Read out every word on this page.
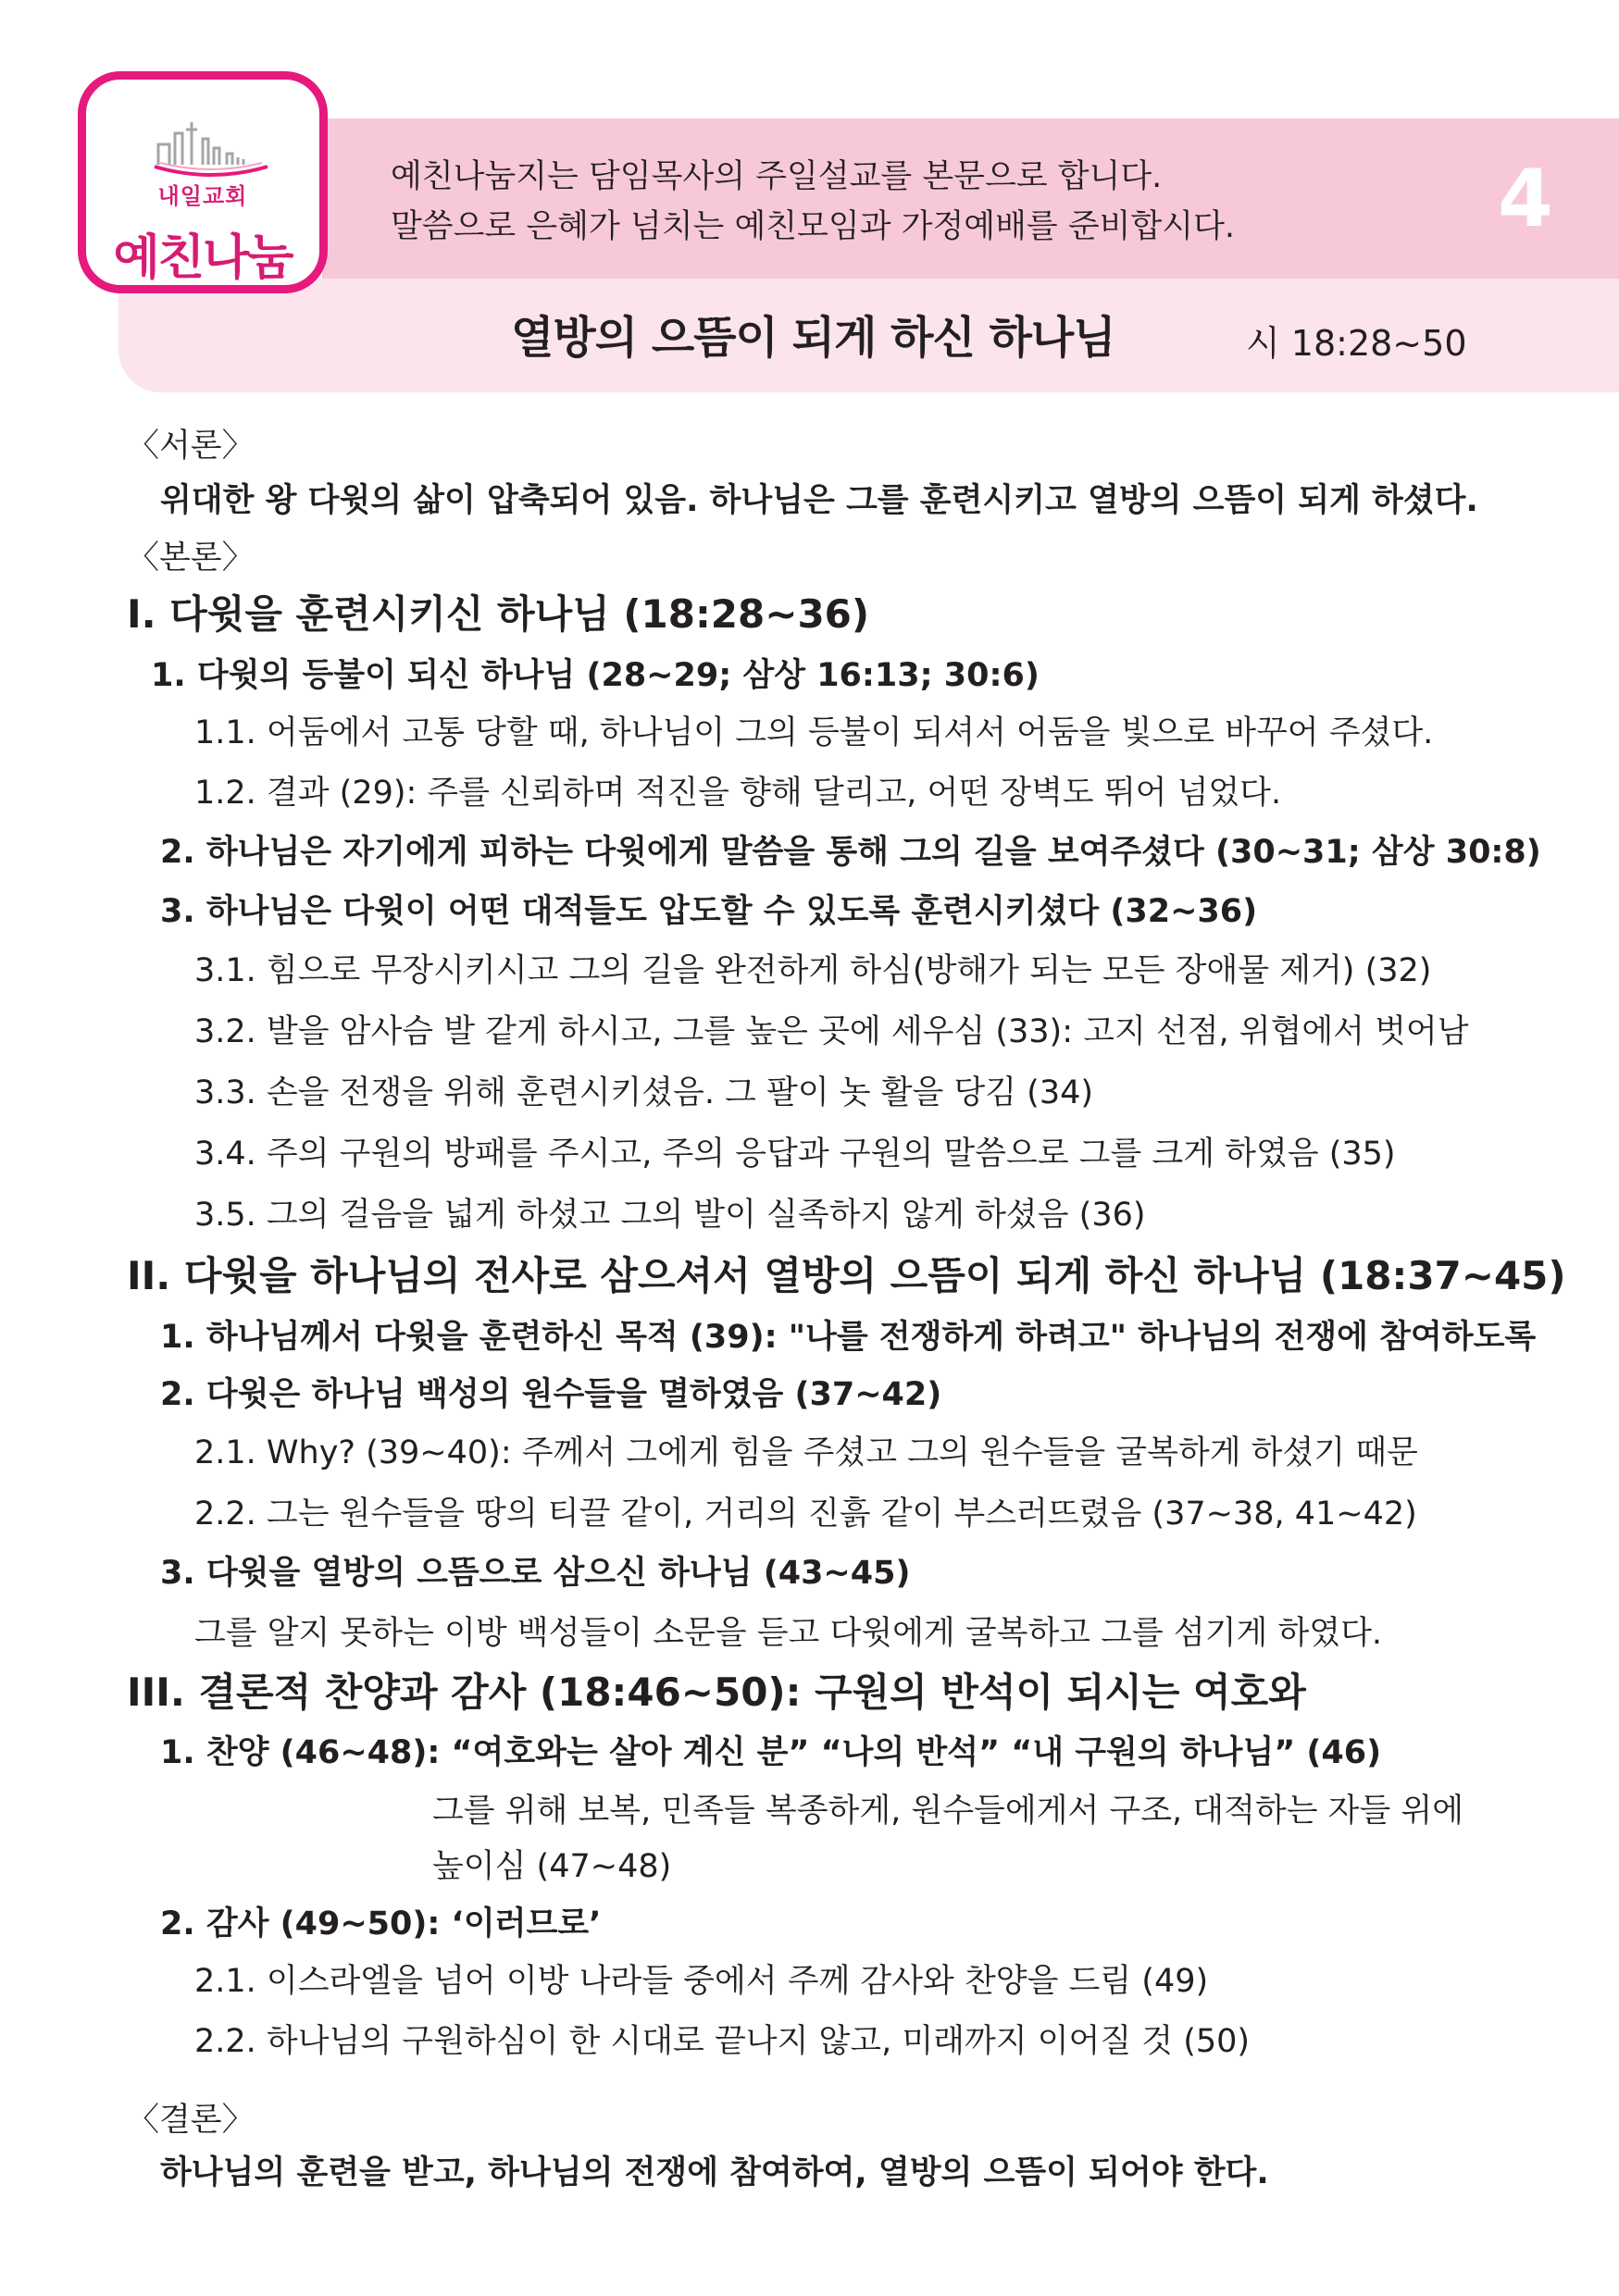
내일교회
예친나눔
예친나눔지는 담임목사의 주일설교를 본문으로 합니다.
말씀으로 은혜가 넘치는 예친모임과 가정예배를 준비합시다.	4
열방의 으뜸이 되게 하신 하나님	시 18:28~50
〈서론〉
위대한 왕 다윗의 삶이 압축되어 있음. 하나님은 그를 훈련시키고 열방의 으뜸이 되게 하셨다.
〈본론〉
I. 다윗을 훈련시키신 하나님 (18:28~36)
1. 다윗의 등불이 되신 하나님 (28~29; 삼상 16:13; 30:6)
1.1. 어둠에서 고통 당할 때, 하나님이 그의 등불이 되셔서 어둠을 빛으로 바꾸어 주셨다.
1.2. 결과 (29): 주를 신뢰하며 적진을 향해 달리고, 어떤 장벽도 뛰어 넘었다.
2. 하나님은 자기에게 피하는 다윗에게 말씀을 통해 그의 길을 보여주셨다 (30~31; 삼상 30:8)
3. 하나님은 다윗이 어떤 대적들도 압도할 수 있도록 훈련시키셨다 (32~36)
3.1. 힘으로 무장시키시고 그의 길을 완전하게 하심(방해가 되는 모든 장애물 제거) (32)
3.2. 발을 암사슴 발 같게 하시고, 그를 높은 곳에 세우심 (33): 고지 선점, 위협에서 벗어남
3.3. 손을 전쟁을 위해 훈련시키셨음. 그 팔이 놋 활을 당김 (34)
3.4. 주의 구원의 방패를 주시고, 주의 응답과 구원의 말씀으로 그를 크게 하였음 (35)
3.5. 그의 걸음을 넓게 하셨고 그의 발이 실족하지 않게 하셨음 (36)
II. 다윗을 하나님의 전사로 삼으셔서 열방의 으뜸이 되게 하신 하나님 (18:37~45)
1. 하나님께서 다윗을 훈련하신 목적 (39): "나를 전쟁하게 하려고" 하나님의 전쟁에 참여하도록
2. 다윗은 하나님 백성의 원수들을 멸하였음 (37~42)
2.1. Why? (39~40): 주께서 그에게 힘을 주셨고 그의 원수들을 굴복하게 하셨기 때문
2.2. 그는 원수들을 땅의 티끌 같이, 거리의 진흙 같이 부스러뜨렸음 (37~38, 41~42)
3. 다윗을 열방의 으뜸으로 삼으신 하나님 (43~45)
그를 알지 못하는 이방 백성들이 소문을 듣고 다윗에게 굴복하고 그를 섬기게 하였다.
III. 결론적 찬양과 감사 (18:46~50): 구원의 반석이 되시는 여호와
1. 찬양 (46~48): “여호와는 살아 계신 분” “나의 반석” “내 구원의 하나님” (46)
그를 위해 보복, 민족들 복종하게, 원수들에게서 구조, 대적하는 자들 위에
높이심 (47~48)
2. 감사 (49~50): ‘이러므로’
2.1. 이스라엘을 넘어 이방 나라들 중에서 주께 감사와 찬양을 드림 (49)
2.2. 하나님의 구원하심이 한 시대로 끝나지 않고, 미래까지 이어질 것 (50)
〈결론〉
하나님의 훈련을 받고, 하나님의 전쟁에 참여하여, 열방의 으뜸이 되어야 한다.
